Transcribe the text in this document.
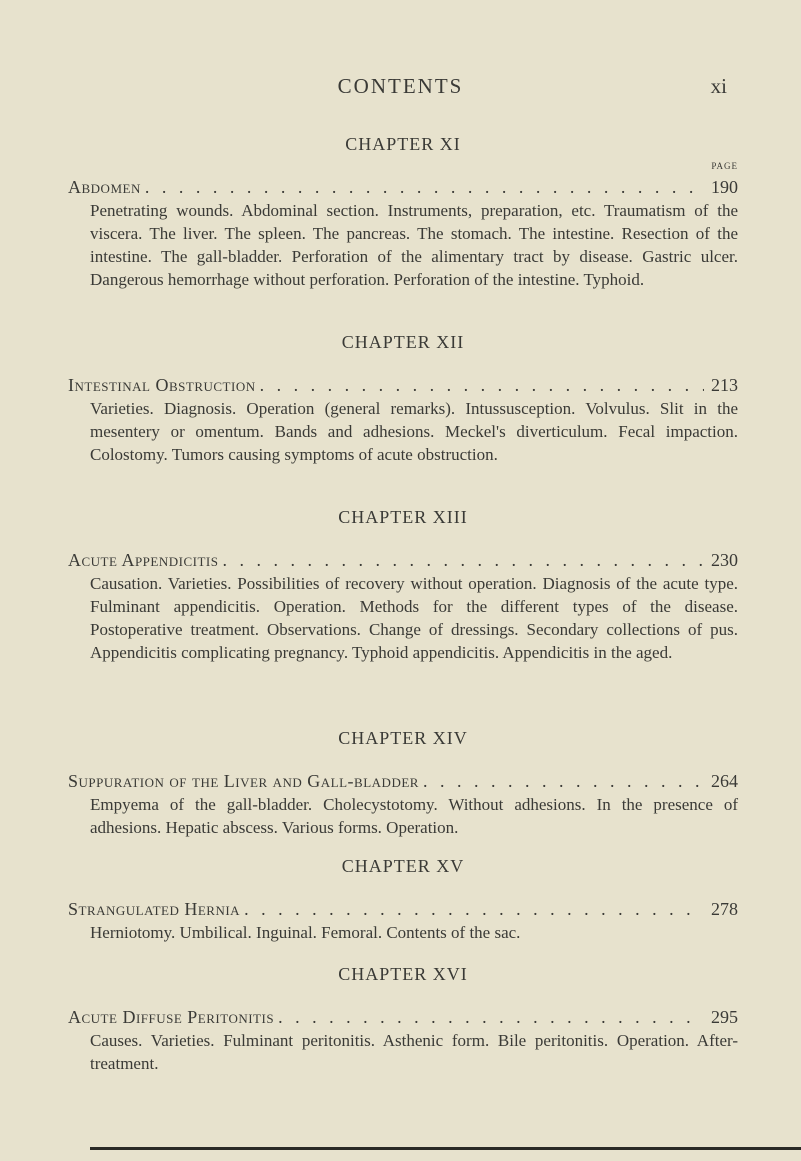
CONTENTS	xi
CHAPTER XI
PAGE
Abdomen . . .	190

Penetrating wounds. Abdominal section. Instruments, preparation, etc. Traumatism of the viscera. The liver. The spleen. The pancreas. The stomach. The intestine. Resection of the intestine. The gall-bladder. Perforation of the alimentary tract by disease. Gastric ulcer. Dangerous hemorrhage without perforation. Perforation of the intestine. Typhoid.

CHAPTER XII
Intestinal Obstruction . . .	213

Varieties. Diagnosis. Operation (general remarks). Intussusception. Volvulus. Slit in the mesentery or omentum. Bands and adhesions. Meckel's diverticulum. Fecal impaction. Colostomy. Tumors causing symptoms of acute obstruction.

CHAPTER XIII
Acute Appendicitis . . .	230

Causation. Varieties. Possibilities of recovery without operation. Diagnosis of the acute type. Fulminant appendicitis. Operation. Methods for the different types of the disease. Postoperative treatment. Observations. Change of dressings. Secondary collections of pus. Appendicitis complicating pregnancy. Typhoid appendicitis. Appendicitis in the aged.

CHAPTER XIV
Suppuration of the Liver and Gall-bladder . . .	264

Empyema of the gall-bladder. Cholecystotomy. Without adhesions. In the presence of adhesions. Hepatic abscess. Various forms. Operation.

CHAPTER XV
Strangulated Hernia . . .	278

Herniotomy. Umbilical. Inguinal. Femoral. Contents of the sac.

CHAPTER XVI
Acute Diffuse Peritonitis . . .	295

Causes. Varieties. Fulminant peritonitis. Asthenic form. Bile peritonitis. Operation. After-treatment.
